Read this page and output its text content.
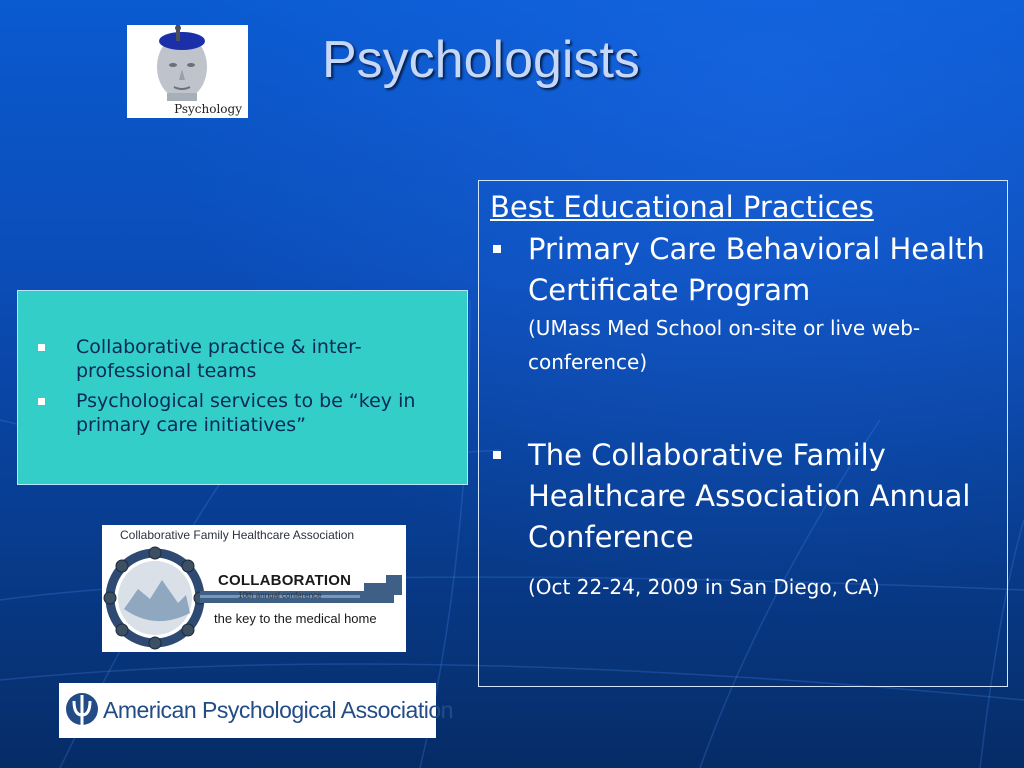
Psychology
Psychologists
Collaborative practice & inter-professional teams
Psychological services to be “key in primary care initiatives”
Collaborative Family Healthcare Association
COLLABORATION
10th annual conference
the key to the medical home
American Psychological Association
Best Educational Practices
Primary Care Behavioral Health Certificate Program
(UMass Med School on-site or live web-conference)
The Collaborative Family Healthcare Association Annual Conference
(Oct 22-24, 2009 in San Diego, CA)
